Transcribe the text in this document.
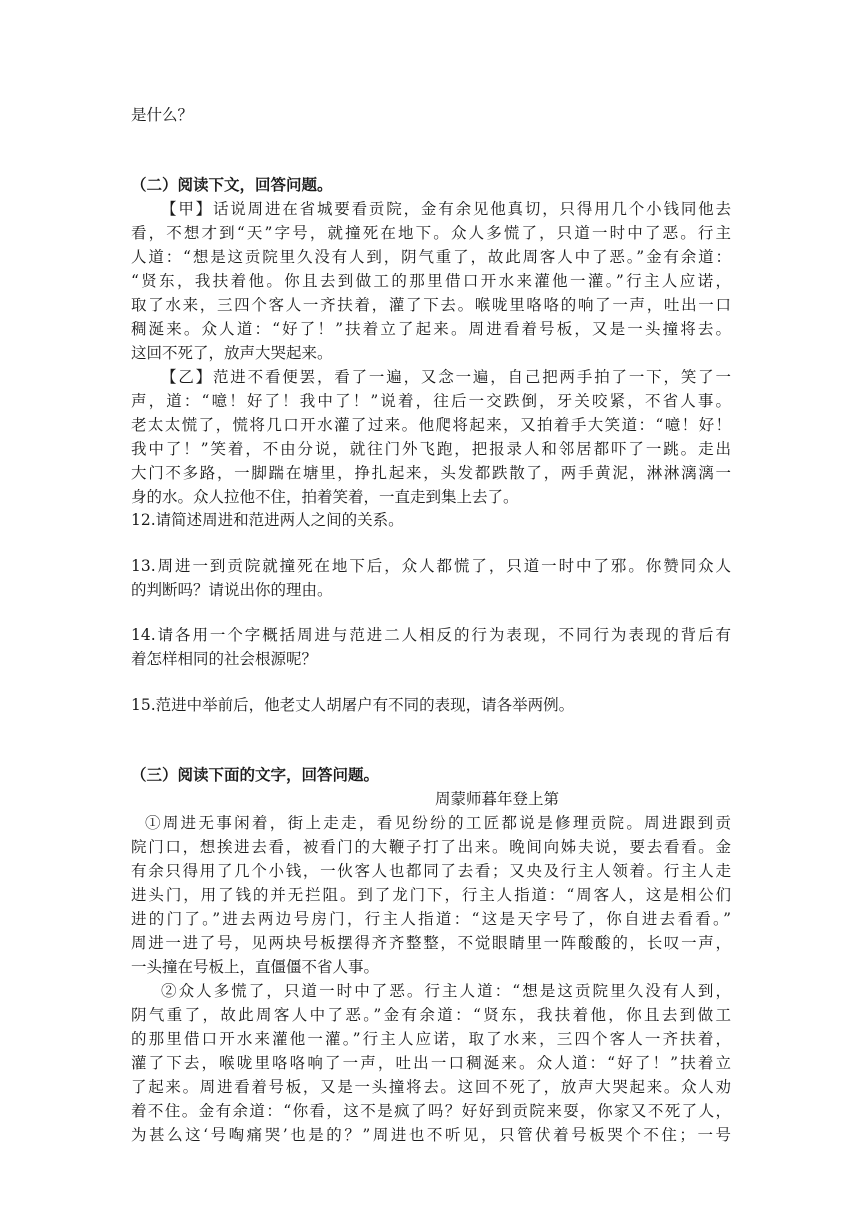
周蒙师暮年登上第
是什么？
（二）阅读下文，回答问题。
【甲】话说周进在省城要看贡院，金有余见他真切，只得用几个小钱同他去
看，不想才到“天”字号，就撞死在地下。众人多慌了，只道一时中了恶。行主
人道：“想是这贡院里久没有人到，阴气重了，故此周客人中了恶。”金有余道：
“贤东，我扶着他。你且去到做工的那里借口开水来灌他一灌。”行主人应诺，
取了水来，三四个客人一齐扶着，灌了下去。喉咙里咯咯的响了一声，吐出一口
稠涎来。众人道：“好了！”扶着立了起来。周进看着号板，又是一头撞将去。
这回不死了，放声大哭起来。
【乙】范进不看便罢，看了一遍，又念一遍，自己把两手拍了一下，笑了一
声，道：“噫！好了！我中了！”说着，往后一交跌倒，牙关咬紧，不省人事。
老太太慌了，慌将几口开水灌了过来。他爬将起来，又拍着手大笑道：“噫！好！
我中了！”笑着，不由分说，就往门外飞跑，把报录人和邻居都吓了一跳。走出
大门不多路，一脚踹在塘里，挣扎起来，头发都跌散了，两手黄泥，淋淋漓漓一
身的水。众人拉他不住，拍着笑着，一直走到集上去了。
12.请简述周进和范进两人之间的关系。
13.周进一到贡院就撞死在地下后，众人都慌了，只道一时中了邪。你赞同众人
的判断吗？请说出你的理由。
14.请各用一个字概括周进与范进二人相反的行为表现，不同行为表现的背后有
着怎样相同的社会根源呢？
15.范进中举前后，他老丈人胡屠户有不同的表现，请各举两例。
（三）阅读下面的文字，回答问题。
①周进无事闲着，街上走走，看见纷纷的工匠都说是修理贡院。周进跟到贡
院门口，想挨进去看，被看门的大鞭子打了出来。晚间向姊夫说，要去看看。金
有余只得用了几个小钱，一伙客人也都同了去看；又央及行主人领着。行主人走
进头门，用了钱的并无拦阻。到了龙门下，行主人指道：“周客人，这是相公们
进的门了。”进去两边号房门，行主人指道：“这是天字号了，你自进去看看。”
周进一进了号，见两块号板摆得齐齐整整，不觉眼睛里一阵酸酸的，长叹一声，
一头撞在号板上，直僵僵不省人事。
②众人多慌了，只道一时中了恶。行主人道：“想是这贡院里久没有人到，
阴气重了，故此周客人中了恶。”金有余道：“贤东，我扶着他，你且去到做工
的那里借口开水来灌他一灌。”行主人应诺，取了水来，三四个客人一齐扶着，
灌了下去，喉咙里咯咯响了一声，吐出一口稠涎来。众人道：“好了！”扶着立
了起来。周进看着号板，又是一头撞将去。这回不死了，放声大哭起来。众人劝
着不住。金有余道：“你看，这不是疯了吗？好好到贡院来耍，你家又不死了人，
为甚么这‘号啕痛哭’也是的？”周进也不听见，只管伏着号板哭个不住；一号
